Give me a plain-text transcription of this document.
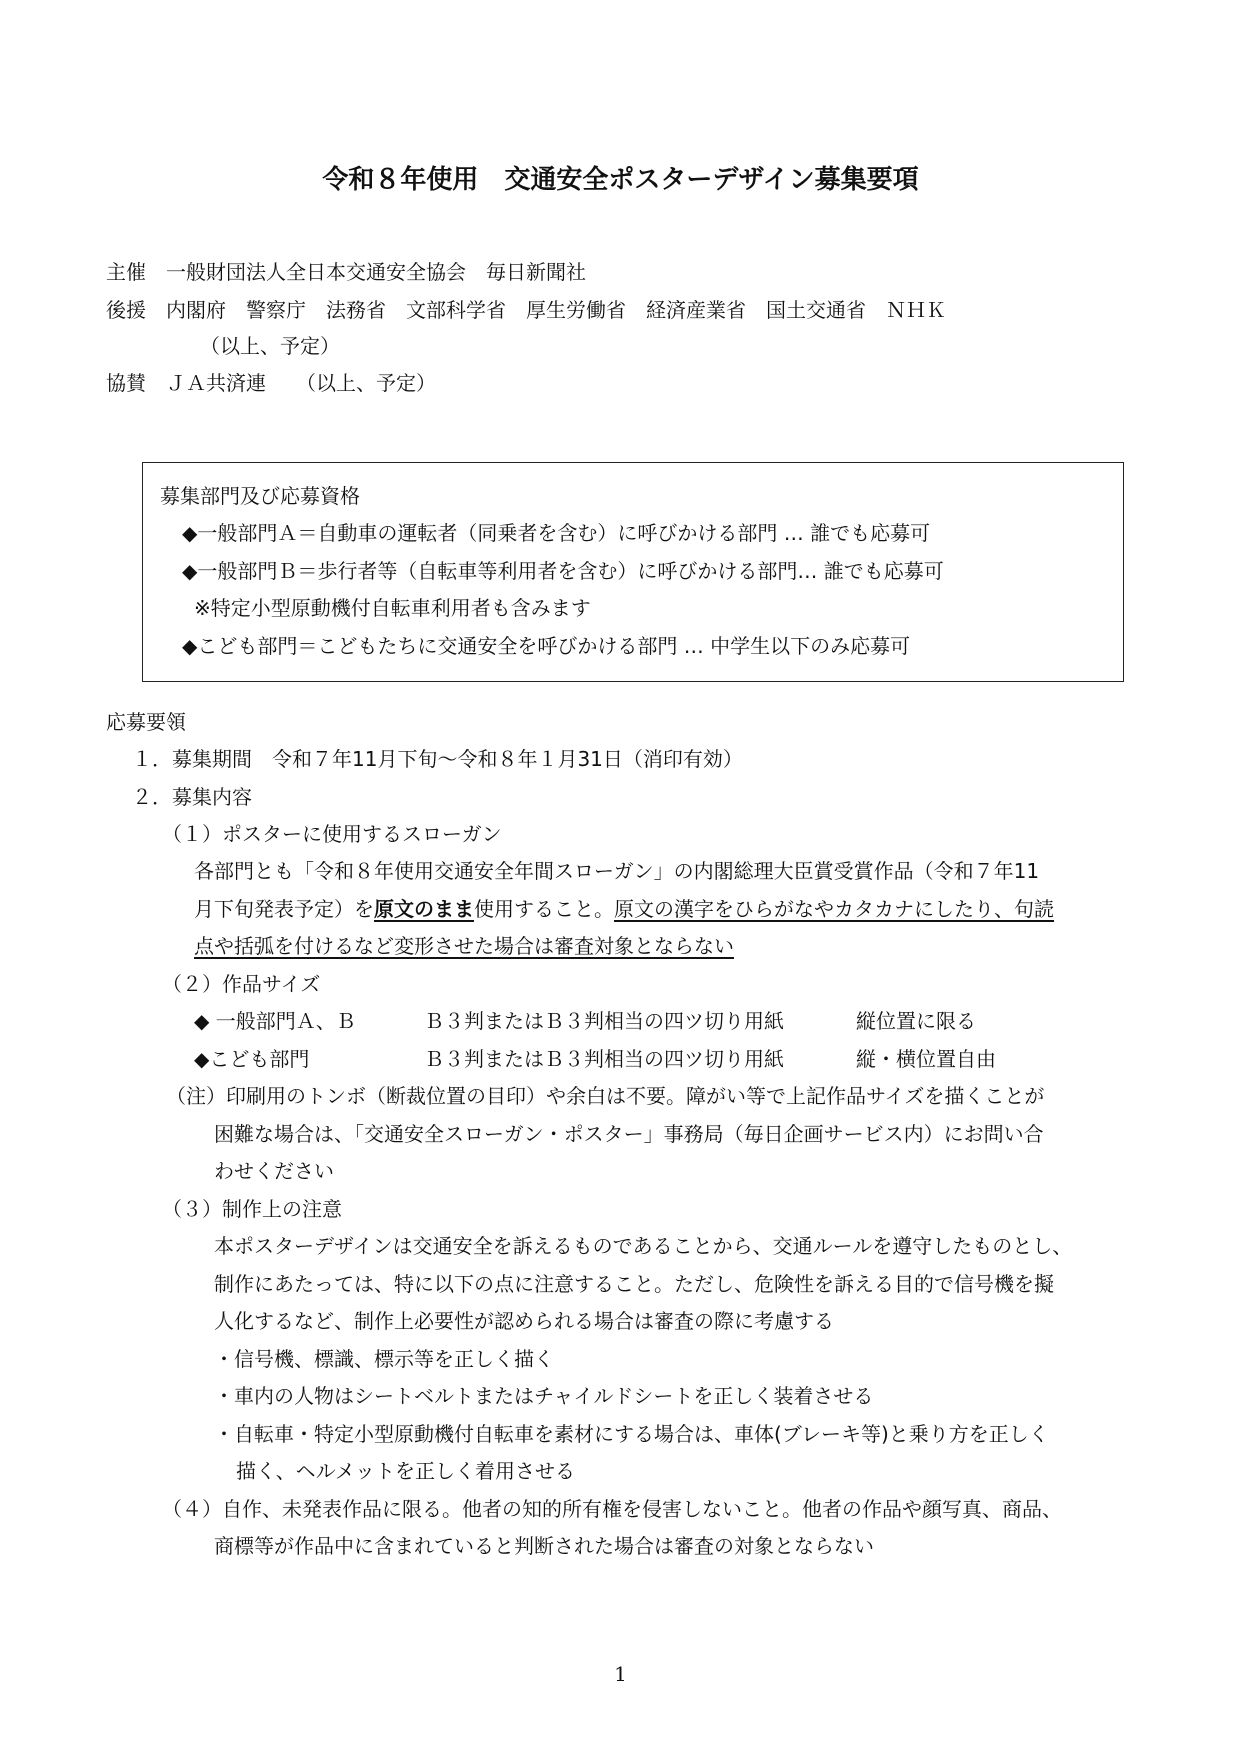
令和８年使用　交通安全ポスターデザイン募集要項
主催　一般財団法人全日本交通安全協会　毎日新聞社
後援　内閣府　警察庁　法務省　文部科学省　厚生労働省　経済産業省　国土交通省　ＮＨＫ
（以上、予定）
協賛　ＪＡ共済連　　（以上、予定）
募集部門及び応募資格
◆一般部門Ａ＝自動車の運転者（同乗者を含む）に呼びかける部門 … 誰でも応募可
◆一般部門Ｂ＝歩行者等（自転車等利用者を含む）に呼びかける部門… 誰でも応募可
※特定小型原動機付自転車利用者も含みます
◆こども部門＝こどもたちに交通安全を呼びかける部門 … 中学生以下のみ応募可
応募要領
１．募集期間　令和７年11月下旬～令和８年１月31日（消印有効）
２．募集内容
（１）ポスターに使用するスローガン
各部門とも「令和８年使用交通安全年間スローガン」の内閣総理大臣賞受賞作品（令和７年11
月下旬発表予定）を原文のまま使用すること。原文の漢字をひらがなやカタカナにしたり、句読
点や括弧を付けるなど変形させた場合は審査対象とならない
（２）作品サイズ
◆ 一般部門Ａ、Ｂ	Ｂ３判またはＢ３判相当の四ツ切り用紙	縦位置に限る
◆こども部門	Ｂ３判またはＢ３判相当の四ツ切り用紙	縦・横位置自由
（注）印刷用のトンボ（断裁位置の目印）や余白は不要。障がい等で上記作品サイズを描くことが
困難な場合は、「交通安全スローガン・ポスター」事務局（毎日企画サービス内）にお問い合
わせください
（３）制作上の注意
本ポスターデザインは交通安全を訴えるものであることから、交通ルールを遵守したものとし、
制作にあたっては、特に以下の点に注意すること。ただし、危険性を訴える目的で信号機を擬
人化するなど、制作上必要性が認められる場合は審査の際に考慮する
・信号機、標識、標示等を正しく描く
・車内の人物はシートベルトまたはチャイルドシートを正しく装着させる
・自転車・特定小型原動機付自転車を素材にする場合は、車体(ブレーキ等)と乗り方を正しく
描く、ヘルメットを正しく着用させる
（４）自作、未発表作品に限る。他者の知的所有権を侵害しないこと。他者の作品や顔写真、商品、
商標等が作品中に含まれていると判断された場合は審査の対象とならない
1
